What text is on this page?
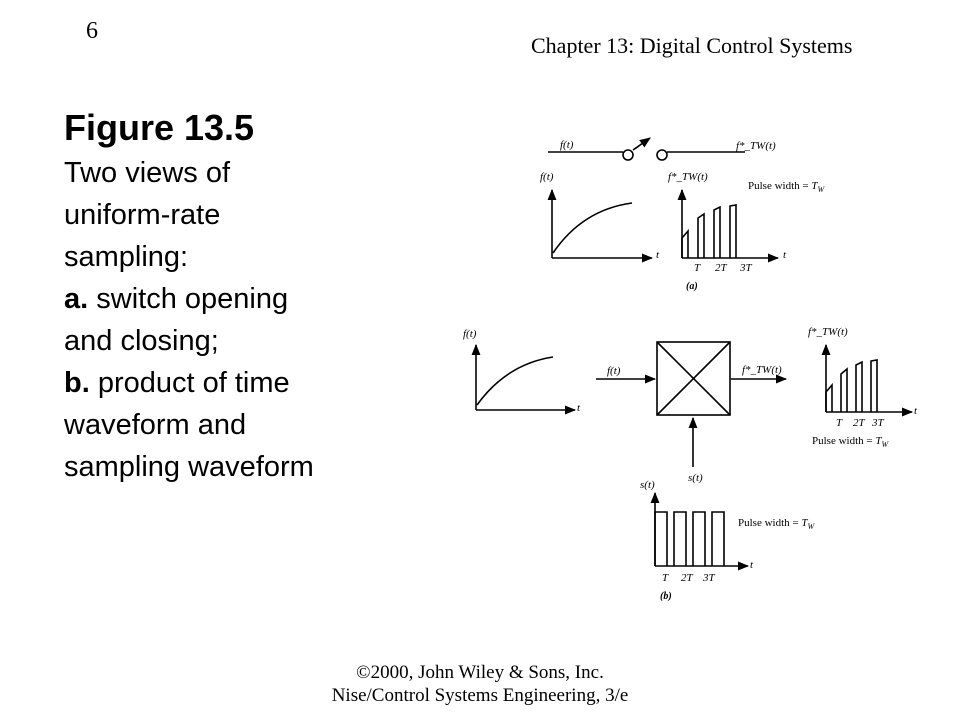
6
Chapter 13: Digital Control Systems
Figure 13.5
Two views of
uniform-rate
sampling:
a. switch opening
and closing;
b. product of time
waveform and
sampling waveform
f(t)	f*_TW(t)
f(t)	f*_TW(t)
Pulse width = $T_W$
t	t
T 2T 3T
(a)
f(t)
t
f(t)	f*_TW(t)
f*_TW(t)
t
T 2T 3T
Pulse width = $T_W$
s(t)
s(t)
Pulse width = $T_W$
t
T 2T 3T
(b)
©2000, John Wiley & Sons, Inc.
Nise/Control Systems Engineering, 3/e
